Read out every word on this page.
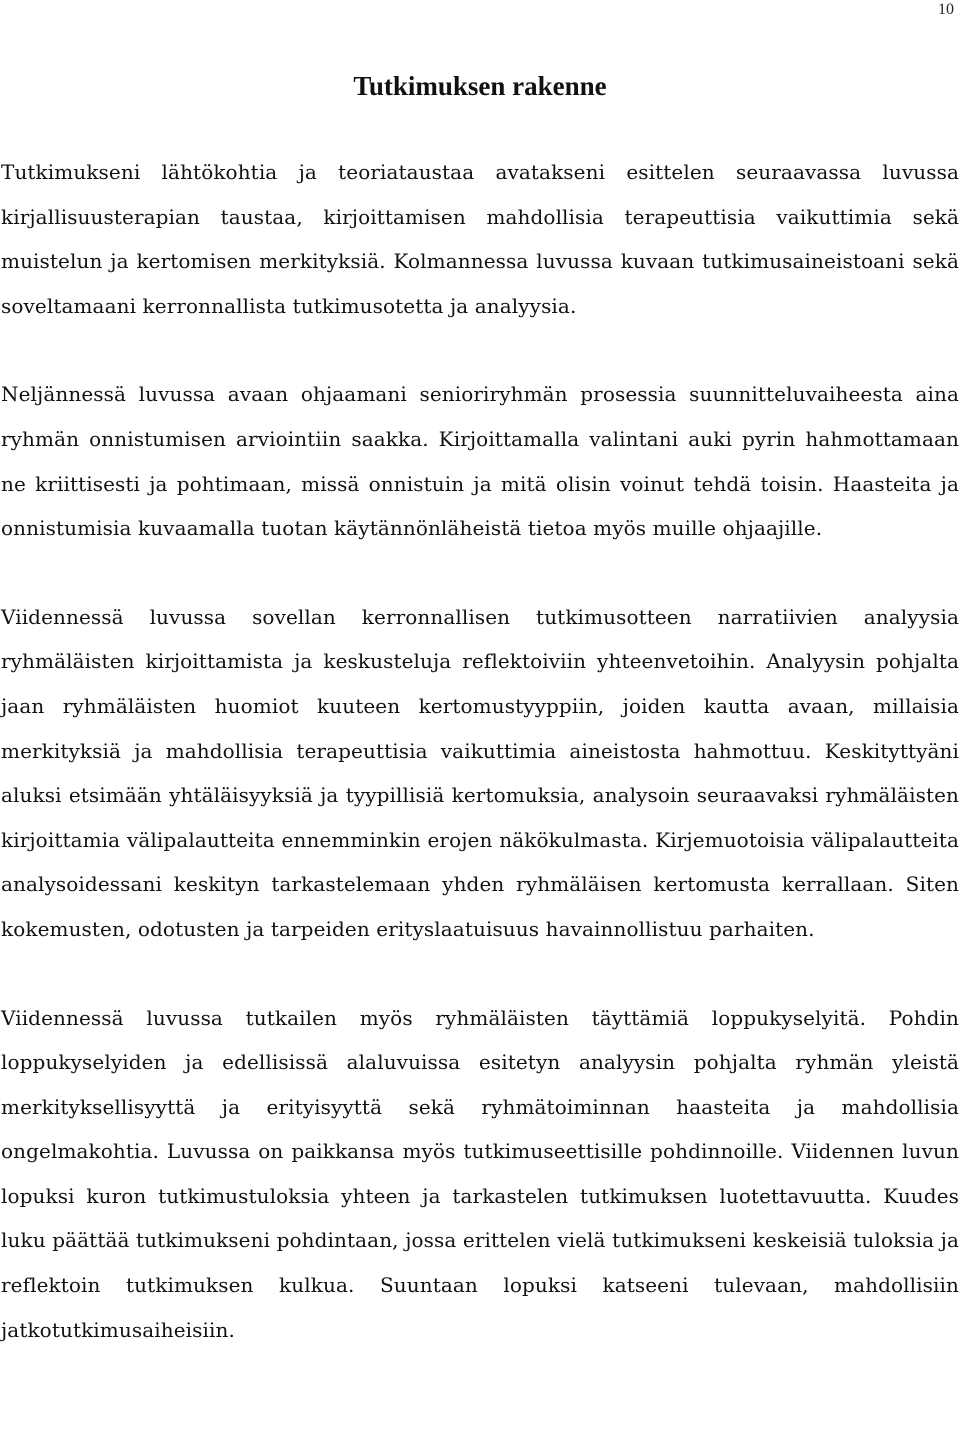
10
Tutkimuksen rakenne

Tutkimukseni lähtökohtia ja teoriataustaa avatakseni esittelen seuraavassa luvussa kirjallisuusterapian taustaa, kirjoittamisen mahdollisia terapeuttisia vaikuttimia sekä muistelun ja kertomisen merkityksiä. Kolmannessa luvussa kuvaan tutkimusaineistoani sekä soveltamaani kerronnallista tutkimusotetta ja analyysia.

Neljännessä luvussa avaan ohjaamani senioriryhmän prosessia suunnitteluvaiheesta aina ryhmän onnistumisen arviointiin saakka. Kirjoittamalla valintani auki pyrin hahmottamaan ne kriittisesti ja pohtimaan, missä onnistuin ja mitä olisin voinut tehdä toisin. Haasteita ja onnistumisia kuvaamalla tuotan käytännönläheistä tietoa myös muille ohjaajille.

Viidennessä luvussa sovellan kerronnallisen tutkimusotteen narratiivien analyysia ryhmäläisten kirjoittamista ja keskusteluja reflektoiviin yhteenvetoihin. Analyysin pohjalta jaan ryhmäläisten huomiot kuuteen kertomustyyppiin, joiden kautta avaan, millaisia merkityksiä ja mahdollisia terapeuttisia vaikuttimia aineistosta hahmottuu. Keskityttyäni aluksi etsimään yhtäläisyyksiä ja tyypillisiä kertomuksia, analysoin seuraavaksi ryhmäläisten kirjoittamia välipalautteita ennemminkin erojen näkökulmasta. Kirjemuotoisia välipalautteita analysoidessani keskityn tarkastelemaan yhden ryhmäläisen kertomusta kerrallaan. Siten kokemusten, odotusten ja tarpeiden erityslaatuisuus havainnollistuu parhaiten.

Viidennessä luvussa tutkailen myös ryhmäläisten täyttämiä loppukyselyitä. Pohdin loppukyselyiden ja edellisissä alaluvuissa esitetyn analyysin pohjalta ryhmän yleistä merkityksellisyyttä ja erityisyyttä sekä ryhmätoiminnan haasteita ja mahdollisia ongelmakohtia. Luvussa on paikkansa myös tutkimuseettisille pohdinnoille. Viidennen luvun lopuksi kuron tutkimustuloksia yhteen ja tarkastelen tutkimuksen luotettavuutta. Kuudes luku päättää tutkimukseni pohdintaan, jossa erittelen vielä tutkimukseni keskeisiä tuloksia ja reflektoin tutkimuksen kulkua. Suuntaan lopuksi katseeni tulevaan, mahdollisiin jatkotutkimusaiheisiin.
